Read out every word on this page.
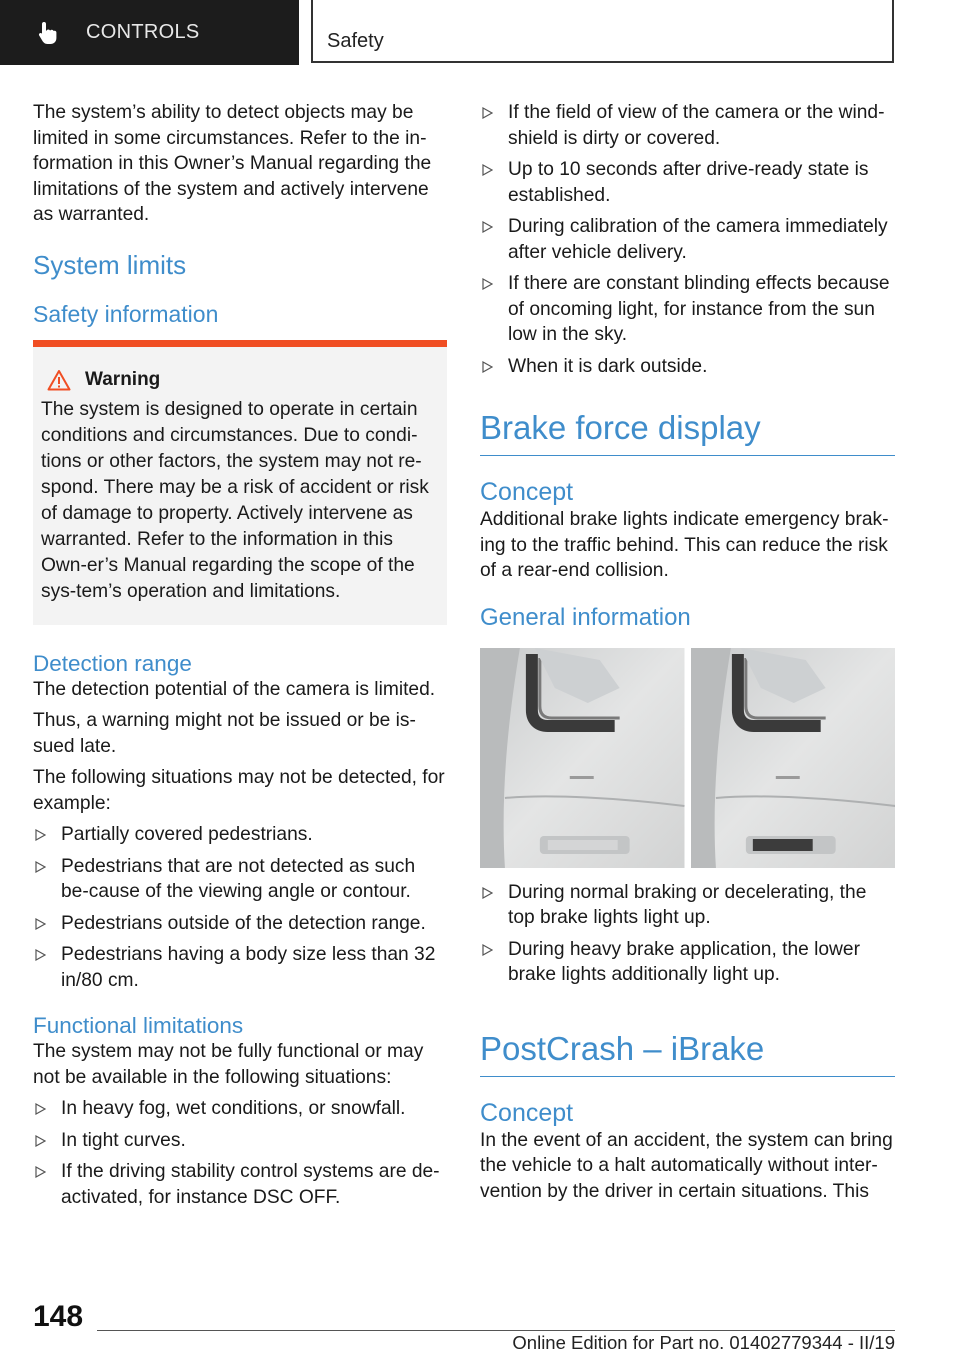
CONTROLS	Safety

The system’s ability to detect objects may be limited in some circumstances. Refer to the in‐formation in this Owner’s Manual regarding the limitations of the system and actively intervene as warranted.

System limits
Safety information
Warning

The system is designed to operate in certain conditions and circumstances. Due to condi‐tions or other factors, the system may not re‐spond. There may be a risk of accident or risk of damage to property. Actively intervene as warranted. Refer to the information in this Own‐er’s Manual regarding the scope of the sys‐tem’s operation and limitations.

Detection range

The detection potential of the camera is limited.

Thus, a warning might not be issued or be is‐sued late.

The following situations may not be detected, for example:

Partially covered pedestrians.
Pedestrians that are not detected as such be‐cause of the viewing angle or contour.
Pedestrians outside of the detection range.
Pedestrians having a body size less than 32 in/80 cm.
Functional limitations

The system may not be fully functional or may not be available in the following situations:

In heavy fog, wet conditions, or snowfall.
In tight curves.
If the driving stability control systems are de‐activated, for instance DSC OFF.
If the field of view of the camera or the wind‐shield is dirty or covered.
Up to 10 seconds after drive-ready state is established.
During calibration of the camera immediately after vehicle delivery.
If there are constant blinding effects because of oncoming light, for instance from the sun low in the sky.
When it is dark outside.
Brake force display
Concept

Additional brake lights indicate emergency brak‐ing to the traffic behind. This can reduce the risk of a rear-end collision.

General information
During normal braking or decelerating, the top brake lights light up.
During heavy brake application, the lower brake lights additionally light up.
PostCrash – iBrake
Concept

In the event of an accident, the system can bring the vehicle to a halt automatically without inter‐vention by the driver in certain situations. This

148
Online Edition for Part no. 01402779344 - II/19
